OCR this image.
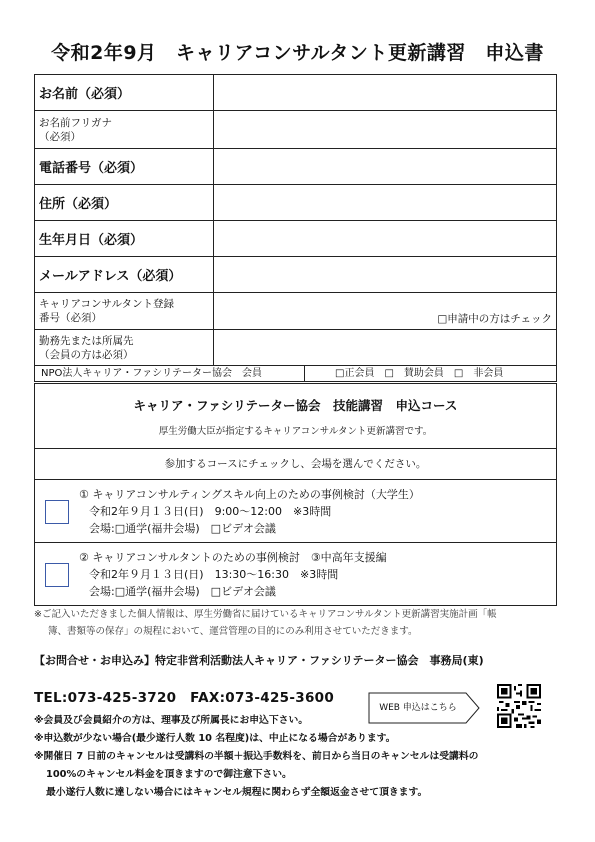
令和2年9月　キャリアコンサルタント更新講習　申込書
お名前（必須）	

お名前フリガナ
（必須）	

電話番号（必須）	
住所（必須）	
生年月日（必須）	
メールアドレス（必須）	

キャリアコンサルタント登録
番号（必須）	□申請中の方はチェック

勤務先または所属先
（会員の方は必須）	

NPO法人キャリア・ファシリテーター協会　会員 □正会員　□　賛助会員　□　非会員	
キャリア・ファシリテーター協会　技能講習　申込コース
厚生労働大臣が指定するキャリアコンサルタント更新講習です。
参加するコースにチェックし、会場を選んでください。
① キャリアコンサルティングスキル向上のための事例検討（大学生）
令和2年９月１３日(日)　9:00～12:00　※3時間
会場:□通学(福井会場)　□ビデオ会議
② キャリアコンサルタントのための事例検討　③中高年支援編
令和2年９月１３日(日)　13:30～16:30　※3時間
会場:□通学(福井会場)　□ビデオ会議
※ご記入いただきました個人情報は、厚生労働省に届けているキャリアコンサルタント更新講習実施計画「帳
簿、書類等の保存」の規程において、運営管理の目的にのみ利用させていただきます。
【お問合せ・お申込み】特定非営利活動法人キャリア・ファシリテーター協会　事務局(東)
TEL:073-425-3720　FAX:073-425-3600
WEB 申込はこちら
※会員及び会員紹介の方は、理事及び所属長にお申込下さい。
※申込数が少ない場合(最少遂行人数 10 名程度)は、中止になる場合があります。
※開催日 7 日前のキャンセルは受講料の半額＋振込手数料を、前日から当日のキャンセルは受講料の
100%のキャンセル料金を頂きますので御注意下さい。
最小遂行人数に達しない場合にはキャンセル規程に関わらず全額返金させて頂きます。
